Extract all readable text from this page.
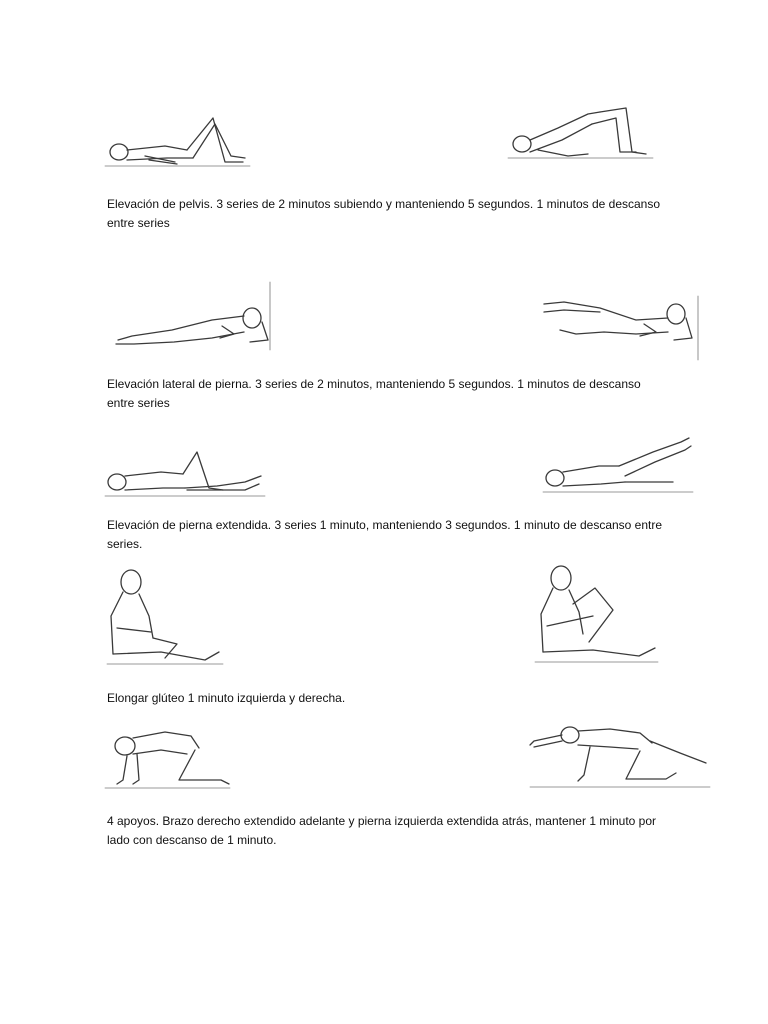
Elevación de pelvis. 3 series de 2 minutos subiendo y manteniendo 5 segundos. 1 minutos de descanso entre series
Elevación lateral de pierna. 3 series de 2 minutos, manteniendo 5 segundos. 1 minutos de descanso entre series
Elevación de pierna extendida. 3 series 1 minuto, manteniendo 3 segundos. 1 minuto de descanso entre series.
Elongar glúteo 1 minuto izquierda y derecha.
4 apoyos. Brazo derecho extendido adelante y pierna izquierda extendida atrás, mantener 1 minuto por lado con descanso de 1 minuto.
